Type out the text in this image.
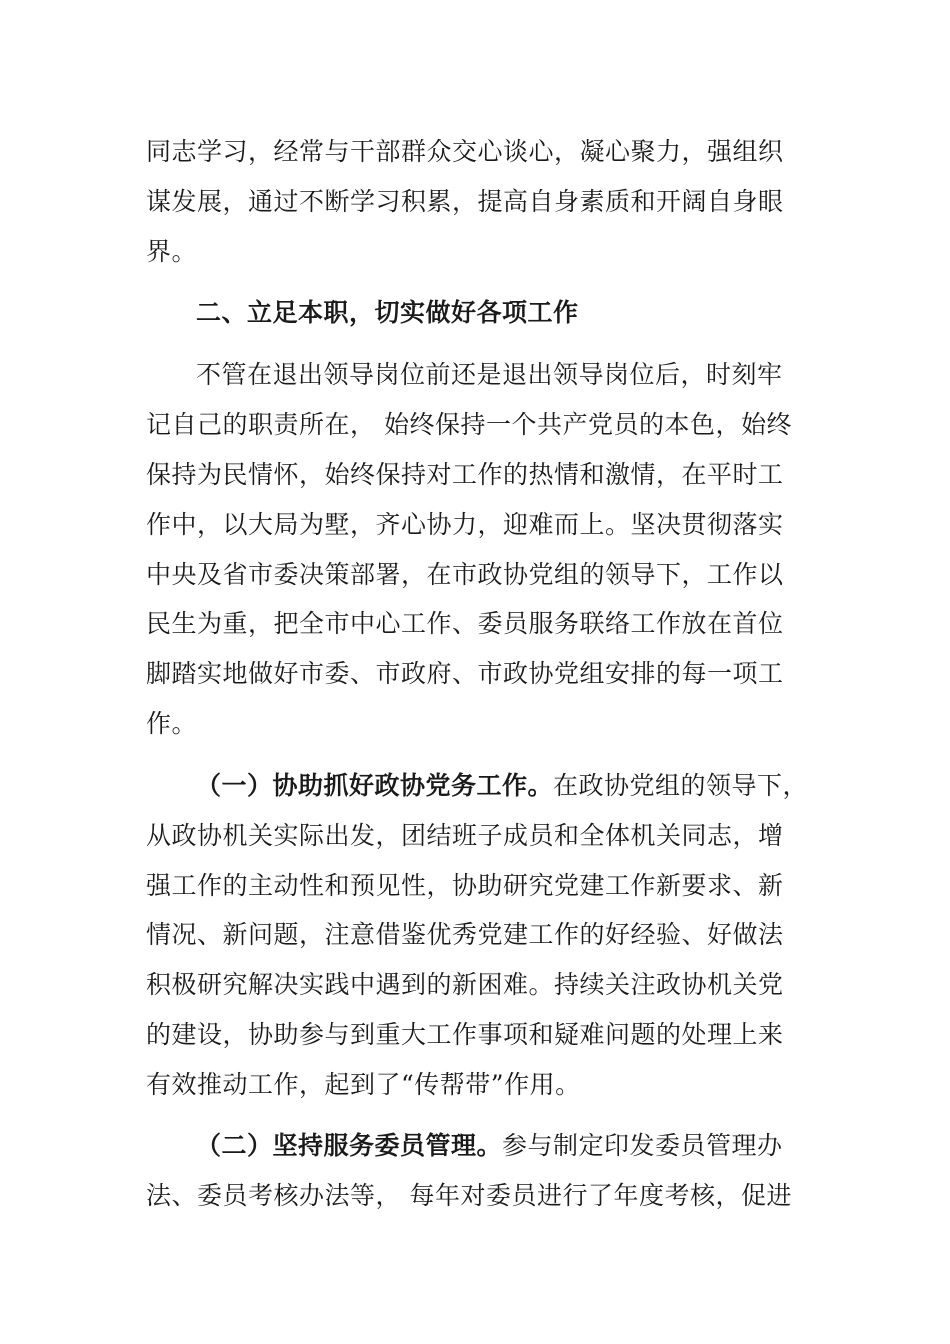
同志学习，经常与干部群众交心谈心，凝心聚力，强组织
谋发展，通过不断学习积累，提高自身素质和开阔自身眼
界。
二、立足本职，切实做好各项工作
不管在退出领导岗位前还是退出领导岗位后，时刻牢
记自己的职责所在， 始终保持一个共产党员的本色，始终
保持为民情怀，始终保持对工作的热情和激情，在平时工
作中，以大局为墅，齐心协力，迎难而上。坚决贯彻落实
中央及省市委决策部署，在市政协党组的领导下，工作以
民生为重，把全市中心工作、委员服务联络工作放在首位
脚踏实地做好市委、市政府、市政协党组安排的每一项工
作。
（一）协助抓好政协党务工作。在政协党组的领导下，
从政协机关实际出发，团结班子成员和全体机关同志，增
强工作的主动性和预见性，协助研究党建工作新要求、新
情况、新问题，注意借鉴优秀党建工作的好经验、好做法
积极研究解决实践中遇到的新困难。持续关注政协机关党
的建设，协助参与到重大工作事项和疑难问题的处理上来
有效推动工作，起到了“传帮带”作用。
（二）坚持服务委员管理。参与制定印发委员管理办
法、委员考核办法等， 每年对委员进行了年度考核，促进
